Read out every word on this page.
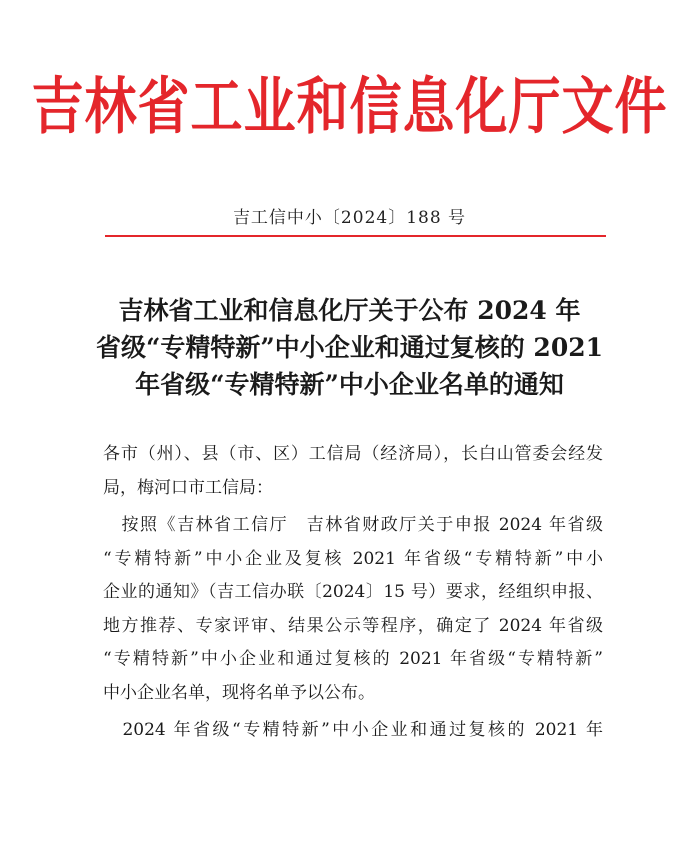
吉林省工业和信息化厅文件
吉工信中小〔2024〕188 号
吉林省工业和信息化厅关于公布 2024 年
省级“专精特新”中小企业和通过复核的 2021
年省级“专精特新”中小企业名单的通知
各市（州）、县（市、区）工信局（经济局），长白山管委会经发
局，梅河口市工信局：
　按照《吉林省工信厅　吉林省财政厅关于申报 2024 年省级
“专精特新”中小企业及复核 2021 年省级“专精特新”中小
企业的通知》（吉工信办联〔2024〕15 号）要求，经组织申报、
地方推荐、专家评审、结果公示等程序，确定了 2024 年省级
“专精特新”中小企业和通过复核的 2021 年省级“专精特新”
中小企业名单，现将名单予以公布。
　2024 年省级“专精特新”中小企业和通过复核的 2021 年
